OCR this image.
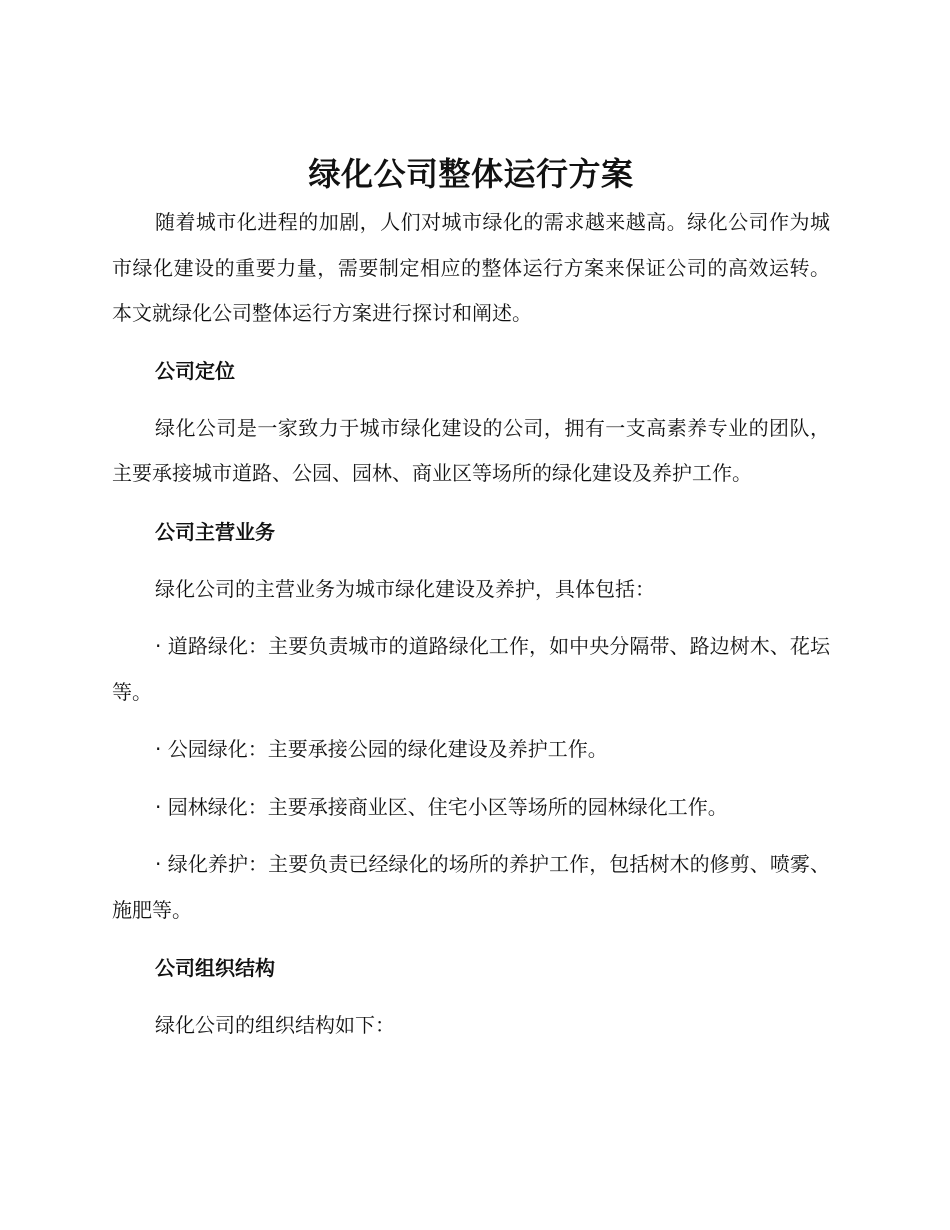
绿化公司整体运行方案

随着城市化进程的加剧，人们对城市绿化的需求越来越高。绿化公司作为城市绿化建设的重要力量，需要制定相应的整体运行方案来保证公司的高效运转。本文就绿化公司整体运行方案进行探讨和阐述。

公司定位

绿化公司是一家致力于城市绿化建设的公司，拥有一支高素养专业的团队，主要承接城市道路、公园、园林、商业区等场所的绿化建设及养护工作。

公司主营业务

绿化公司的主营业务为城市绿化建设及养护，具体包括：

· 道路绿化：主要负责城市的道路绿化工作，如中央分隔带、路边树木、花坛等。

· 公园绿化：主要承接公园的绿化建设及养护工作。

· 园林绿化：主要承接商业区、住宅小区等场所的园林绿化工作。

· 绿化养护：主要负责已经绿化的场所的养护工作，包括树木的修剪、喷雾、施肥等。

公司组织结构

绿化公司的组织结构如下：
